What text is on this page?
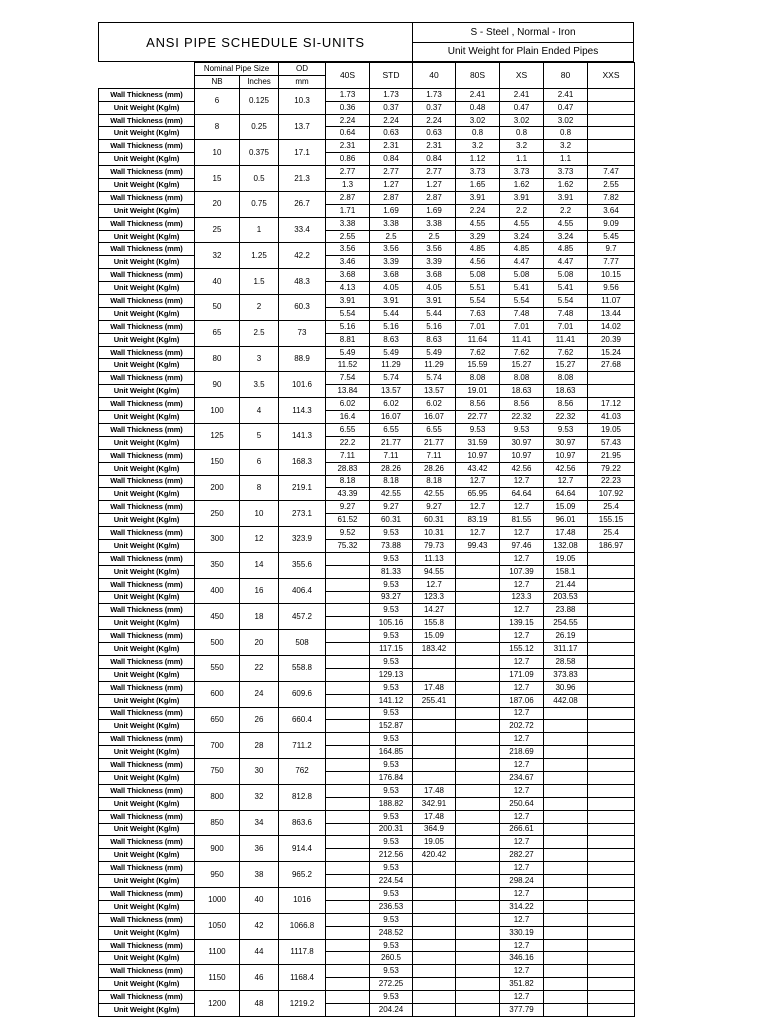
ANSI PIPE SCHEDULE SI-UNITS	S - Steel , Normal - Iron
Unit Weight for Plain Ended Pipes
	Nominal Pipe Size		OD	40S	STD	40	80S	XS	80	XXS
	NB	Inches	mm							
Wall Thickness (mm)	6	0.125	10.3	1.73	1.73	1.73	2.41	2.41	2.41	
Unit Weight (Kg/m)				0.36	0.37	0.37	0.48	0.47	0.47	
Wall Thickness (mm)	8	0.25	13.7	2.24	2.24	2.24	3.02	3.02	3.02	
Unit Weight (Kg/m)				0.64	0.63	0.63	0.8	0.8	0.8	
Wall Thickness (mm)	10	0.375	17.1	2.31	2.31	2.31	3.2	3.2	3.2	
Unit Weight (Kg/m)				0.86	0.84	0.84	1.12	1.1	1.1	
Wall Thickness (mm)	15	0.5	21.3	2.77	2.77	2.77	3.73	3.73	3.73	7.47
Unit Weight (Kg/m)				1.3	1.27	1.27	1.65	1.62	1.62	2.55
Wall Thickness (mm)	20	0.75	26.7	2.87	2.87	2.87	3.91	3.91	3.91	7.82
Unit Weight (Kg/m)				1.71	1.69	1.69	2.24	2.2	2.2	3.64
Wall Thickness (mm)	25	1	33.4	3.38	3.38	3.38	4.55	4.55	4.55	9.09
Unit Weight (Kg/m)				2.55	2.5	2.5	3.29	3.24	3.24	5.45
Wall Thickness (mm)	32	1.25	42.2	3.56	3.56	3.56	4.85	4.85	4.85	9.7
Unit Weight (Kg/m)				3.46	3.39	3.39	4.56	4.47	4.47	7.77
Wall Thickness (mm)	40	1.5	48.3	3.68	3.68	3.68	5.08	5.08	5.08	10.15
Unit Weight (Kg/m)				4.13	4.05	4.05	5.51	5.41	5.41	9.56
Wall Thickness (mm)	50	2	60.3	3.91	3.91	3.91	5.54	5.54	5.54	11.07
Unit Weight (Kg/m)				5.54	5.44	5.44	7.63	7.48	7.48	13.44
Wall Thickness (mm)	65	2.5	73	5.16	5.16	5.16	7.01	7.01	7.01	14.02
Unit Weight (Kg/m)				8.81	8.63	8.63	11.64	11.41	11.41	20.39
Wall Thickness (mm)	80	3	88.9	5.49	5.49	5.49	7.62	7.62	7.62	15.24
Unit Weight (Kg/m)				11.52	11.29	11.29	15.59	15.27	15.27	27.68
Wall Thickness (mm)	90	3.5	101.6	7.54	5.74	5.74	8.08	8.08	8.08	
Unit Weight (Kg/m)				13.84	13.57	13.57	19.01	18.63	18.63	
Wall Thickness (mm)	100	4	114.3	6.02	6.02	6.02	8.56	8.56	8.56	17.12
Unit Weight (Kg/m)				16.4	16.07	16.07	22.77	22.32	22.32	41.03
Wall Thickness (mm)	125	5	141.3	6.55	6.55	6.55	9.53	9.53	9.53	19.05
Unit Weight (Kg/m)				22.2	21.77	21.77	31.59	30.97	30.97	57.43
Wall Thickness (mm)	150	6	168.3	7.11	7.11	7.11	10.97	10.97	10.97	21.95
Unit Weight (Kg/m)				28.83	28.26	28.26	43.42	42.56	42.56	79.22
Wall Thickness (mm)	200	8	219.1	8.18	8.18	8.18	12.7	12.7	12.7	22.23
Unit Weight (Kg/m)				43.39	42.55	42.55	65.95	64.64	64.64	107.92
Wall Thickness (mm)	250	10	273.1	9.27	9.27	9.27	12.7	12.7	15.09	25.4
Unit Weight (Kg/m)				61.52	60.31	60.31	83.19	81.55	96.01	155.15
Wall Thickness (mm)	300	12	323.9	9.52	9.53	10.31	12.7	12.7	17.48	25.4
Unit Weight (Kg/m)				75.32	73.88	79.73	99.43	97.46	132.08	186.97
Wall Thickness (mm)	350	14	355.6		9.53	11.13		12.7	19.05	
Unit Weight (Kg/m)					81.33	94.55		107.39	158.1	
Wall Thickness (mm)	400	16	406.4		9.53	12.7		12.7	21.44	
Unit Weight (Kg/m)					93.27	123.3		123.3	203.53	
Wall Thickness (mm)	450	18	457.2		9.53	14.27		12.7	23.88	
Unit Weight (Kg/m)					105.16	155.8		139.15	254.55	
Wall Thickness (mm)	500	20	508		9.53	15.09		12.7	26.19	
Unit Weight (Kg/m)					117.15	183.42		155.12	311.17	
Wall Thickness (mm)	550	22	558.8		9.53			12.7	28.58	
Unit Weight (Kg/m)					129.13			171.09	373.83	
Wall Thickness (mm)	600	24	609.6		9.53	17.48		12.7	30.96	
Unit Weight (Kg/m)					141.12	255.41		187.06	442.08	
Wall Thickness (mm)	650	26	660.4		9.53			12.7		
Unit Weight (Kg/m)					152.87			202.72		
Wall Thickness (mm)	700	28	711.2		9.53			12.7		
Unit Weight (Kg/m)					164.85			218.69		
Wall Thickness (mm)	750	30	762		9.53			12.7		
Unit Weight (Kg/m)					176.84			234.67		
Wall Thickness (mm)	800	32	812.8		9.53	17.48		12.7		
Unit Weight (Kg/m)					188.82	342.91		250.64		
Wall Thickness (mm)	850	34	863.6		9.53	17.48		12.7		
Unit Weight (Kg/m)					200.31	364.9		266.61		
Wall Thickness (mm)	900	36	914.4		9.53	19.05		12.7		
Unit Weight (Kg/m)					212.56	420.42		282.27		
Wall Thickness (mm)	950	38	965.2		9.53			12.7		
Unit Weight (Kg/m)					224.54			298.24		
Wall Thickness (mm)	1000	40	1016		9.53			12.7		
Unit Weight (Kg/m)					236.53			314.22		
Wall Thickness (mm)	1050	42	1066.8		9.53			12.7		
Unit Weight (Kg/m)					248.52			330.19		
Wall Thickness (mm)	1100	44	1117.8		9.53			12.7		
Unit Weight (Kg/m)					260.5			346.16		
Wall Thickness (mm)	1150	46	1168.4		9.53			12.7		
Unit Weight (Kg/m)					272.25			351.82		
Wall Thickness (mm)	1200	48	1219.2		9.53			12.7		
Unit Weight (Kg/m)					204.24			377.79		
